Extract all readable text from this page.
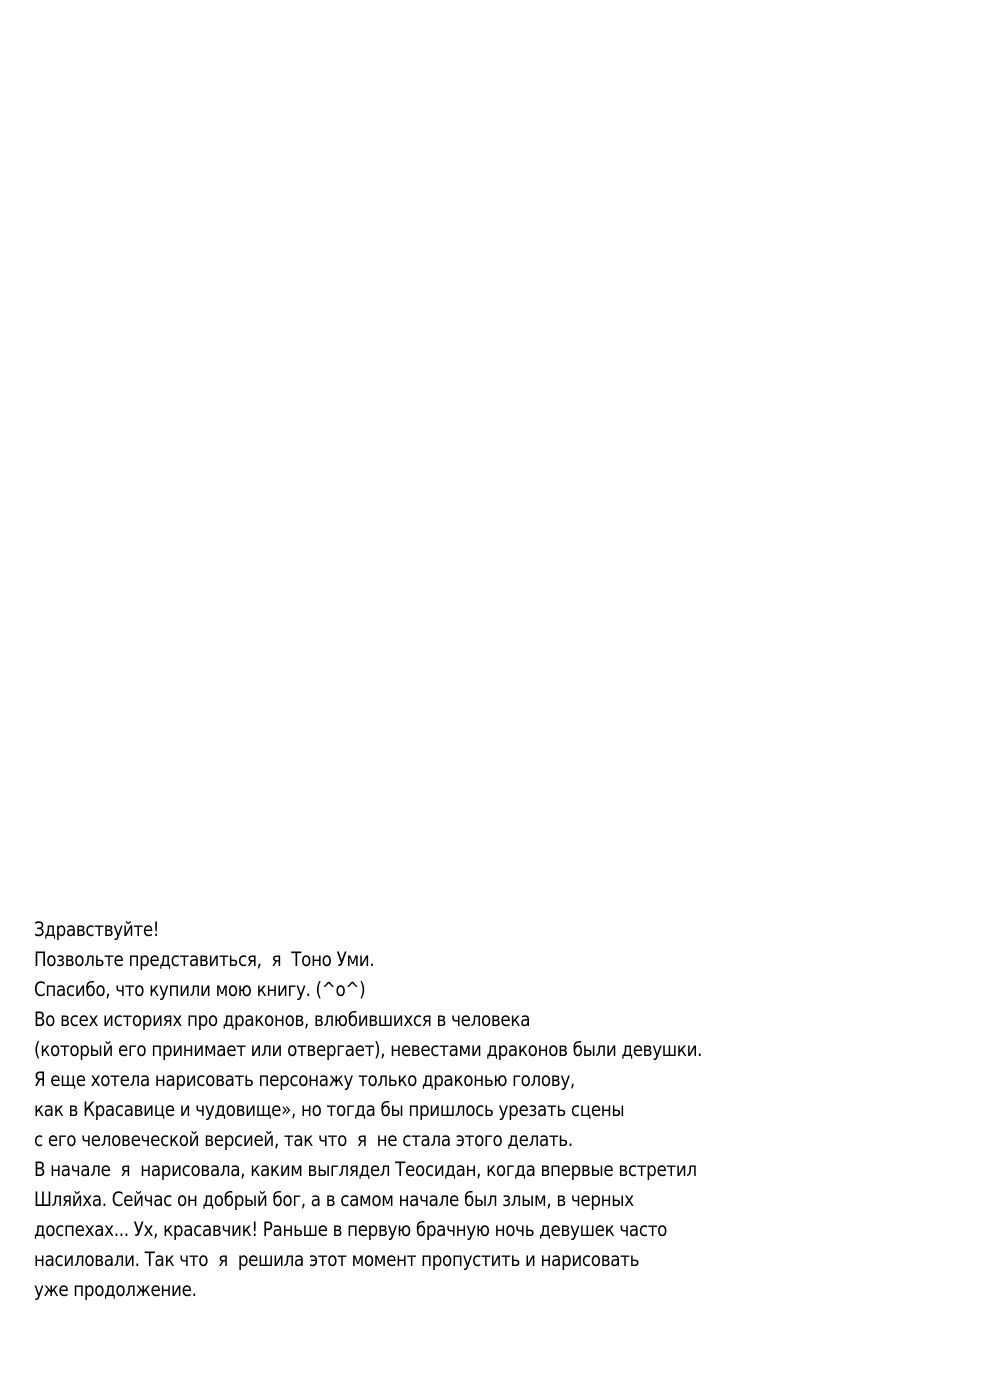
Здравствуйте!
Позвольте представиться,  я  Тоно Уми.
Спасибо, что купили мою книгу. (^o^)
Во всех историях про драконов, влюбившихся в человека
(который его принимает или отвергает), невестами драконов были девушки.
Я еще хотела нарисовать персонажу только драконью голову,
как в Красавице и чудовище», но тогда бы пришлось урезать сцены
с его человеческой версией, так что  я  не стала этого делать.
В начале  я  нарисовала, каким выглядел Теосидан, когда впервые встретил
Шляйха. Сейчас он добрый бог, а в самом начале был злым, в черных
доспехах... Ух, красавчик! Раньше в первую брачную ночь девушек часто
насиловали. Так что  я  решила этот момент пропустить и нарисовать
уже продолжение.
